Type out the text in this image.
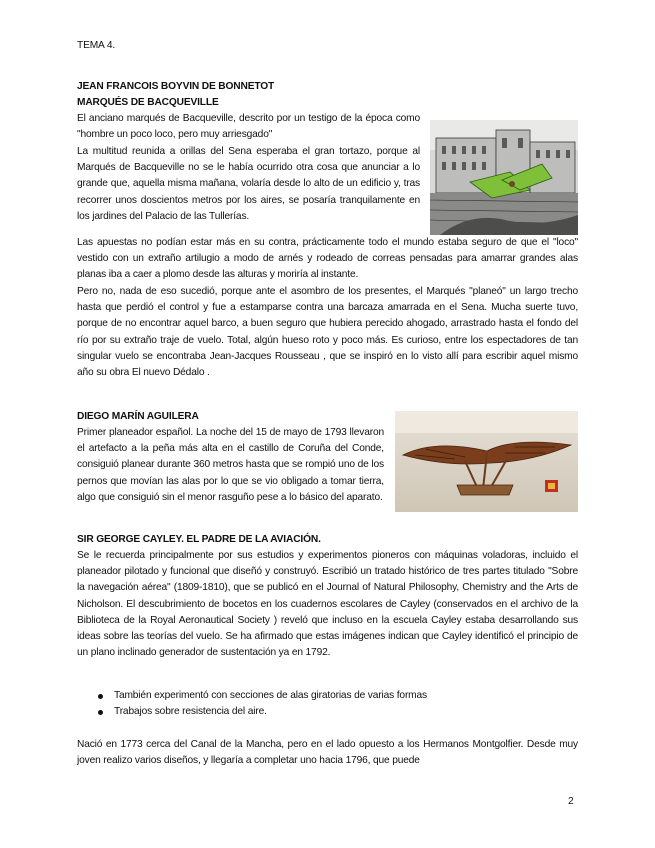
TEMA 4.
JEAN FRANCOIS BOYVIN DE BONNETOT
MARQUÉS DE BACQUEVILLE
El anciano marqués de Bacqueville, descrito por un testigo de la época como "hombre un poco loco, pero muy arriesgado"
La multitud reunida a orillas del Sena esperaba el gran tortazo, porque al Marqués de Bacqueville no se le había ocurrido otra cosa que anunciar a lo grande que, aquella misma mañana, volaría desde lo alto de un edificio y, tras recorrer unos doscientos metros por los aires, se posaría tranquilamente en los jardines del Palacio de las Tullerías.
Las apuestas no podían estar más en su contra, prácticamente todo el mundo estaba seguro de que el "loco" vestido con un extraño artilugio a modo de arnés y rodeado de correas pensadas para amarrar grandes alas planas iba a caer a plomo desde las alturas y moriría al instante.
Pero no, nada de eso sucedió, porque ante el asombro de los presentes, el Marqués "planeó" un largo trecho hasta que perdió el control y fue a estamparse contra una barcaza amarrada en el Sena. Mucha suerte tuvo, porque de no encontrar aquel barco, a buen seguro que hubiera perecido ahogado, arrastrado hasta el fondo del río por su extraño traje de vuelo. Total, algún hueso roto y poco más. Es curioso, entre los espectadores de tan singular vuelo se encontraba Jean-Jacques Rousseau , que se inspiró en lo visto allí para escribir aquel mismo año su obra El nuevo Dédalo .
DIEGO MARÍN AGUILERA
Primer planeador español. La noche del 15 de mayo de 1793 llevaron el artefacto a la peña más alta en el castillo de Coruña del Conde, consiguió planear durante 360 metros hasta que se rompió uno de los pernos que movían las alas por lo que se vio obligado a tomar tierra, algo que consiguió sin el menor rasguño pese a lo básico del aparato.
SIR GEORGE CAYLEY. EL PADRE DE LA AVIACIÓN.
Se le recuerda principalmente por sus estudios y experimentos pioneros con máquinas voladoras, incluido el planeador pilotado y funcional que diseñó y construyó. Escribió un tratado histórico de tres partes titulado "Sobre la navegación aérea" (1809-1810), que se publicó en el Journal of Natural Philosophy, Chemistry and the Arts de Nicholson. El descubrimiento de bocetos en los cuadernos escolares de Cayley (conservados en el archivo de la Biblioteca de la Royal Aeronautical Society ) reveló que incluso en la escuela Cayley estaba desarrollando sus ideas sobre las teorías del vuelo. Se ha afirmado que estas imágenes indican que Cayley identificó el principio de un plano inclinado generador de sustentación ya en 1792.
También experimentó con secciones de alas giratorias de varias formas
Trabajos sobre resistencia del aire.
Nació en 1773 cerca del Canal de la Mancha, pero en el lado opuesto a los Hermanos Montgolfier. Desde muy joven realizo varios diseños, y llegaría a completar uno hacia 1796, que puede
2
